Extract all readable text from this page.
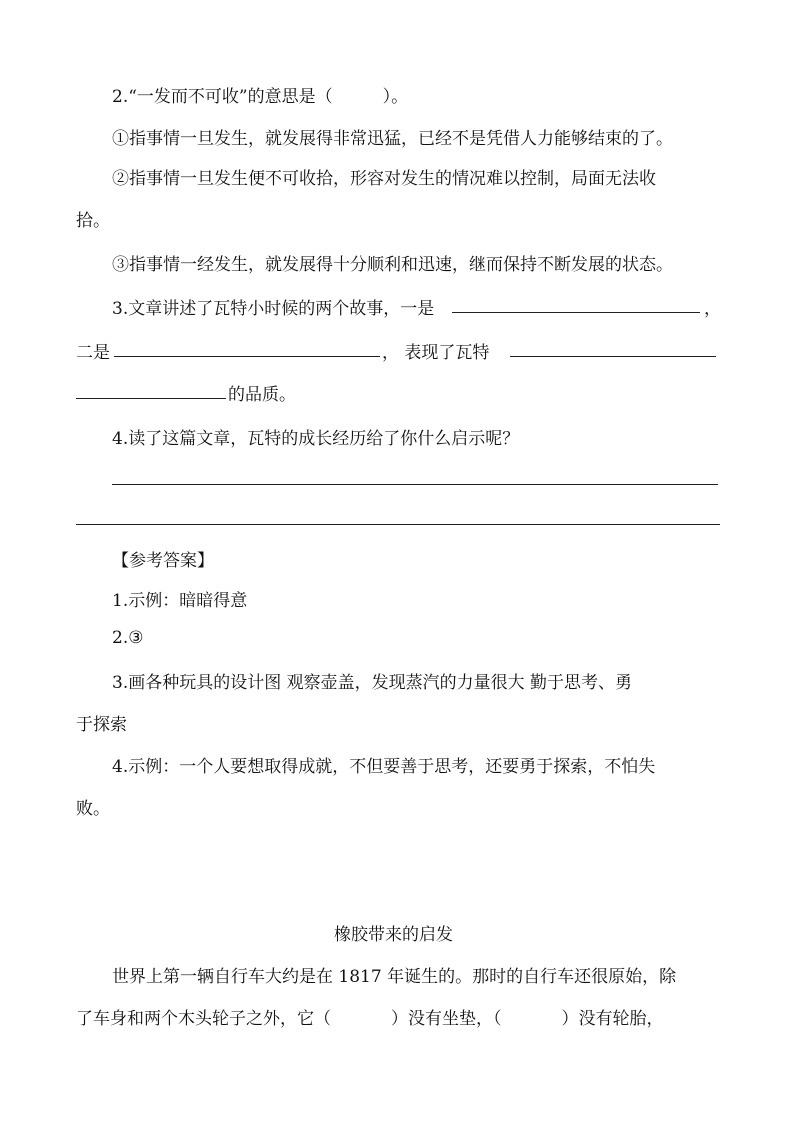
2.“一发而不可收”的意思是（	）。
①指事情一旦发生，就发展得非常迅猛，已经不是凭借人力能够结束的了。
②指事情一旦发生便不可收拾，形容对发生的情况难以控制，局面无法收
拾。
③指事情一经发生，就发展得十分顺利和迅速，继而保持不断发展的状态。
3.文章讲述了瓦特小时候的两个故事，一是	，
二是	， 表现了瓦特
的品质。
4.读了这篇文章，瓦特的成长经历给了你什么启示呢？
【参考答案】
1.示例：暗暗得意
2.③
3.画各种玩具的设计图 观察壶盖，发现蒸汽的力量很大 勤于思考、勇
于探索
4.示例：一个人要想取得成就，不但要善于思考，还要勇于探索，不怕失
败。
橡胶带来的启发
世界上第一辆自行车大约是在 1817 年诞生的。那时的自行车还很原始，除
了车身和两个木头轮子之外，它（	）没有坐垫，（	）没有轮胎，
